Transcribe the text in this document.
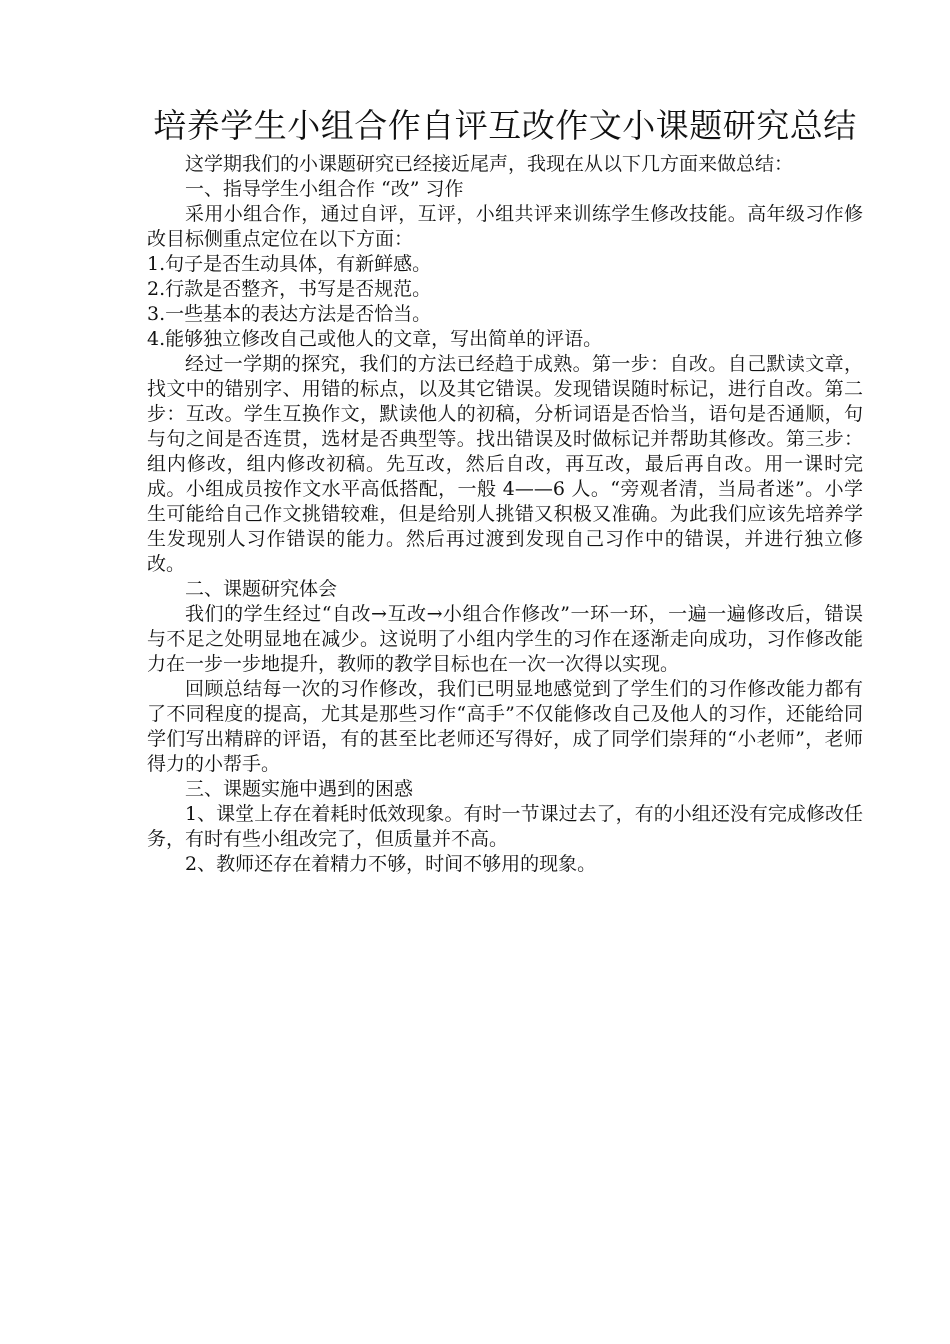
培养学生小组合作自评互改作文小课题研究总结

这学期我们的小课题研究已经接近尾声，我现在从以下几方面来做总结：

一、指导学生小组合作 “改” 习作

采用小组合作，通过自评，互评，小组共评来训练学生修改技能。高年级习作修改目标侧重点定位在以下方面：

1.句子是否生动具体，有新鲜感。

2.行款是否整齐，书写是否规范。

3.一些基本的表达方法是否恰当。

4.能够独立修改自己或他人的文章，写出简单的评语。

经过一学期的探究，我们的方法已经趋于成熟。第一步：自改。自己默读文章，找文中的错别字、用错的标点，以及其它错误。发现错误随时标记，进行自改。第二步：互改。学生互换作文，默读他人的初稿，分析词语是否恰当，语句是否通顺，句与句之间是否连贯，选材是否典型等。找出错误及时做标记并帮助其修改。第三步：组内修改，组内修改初稿。先互改，然后自改，再互改，最后再自改。用一课时完成。小组成员按作文水平高低搭配，一般 4——6 人。“旁观者清，当局者迷”。小学生可能给自己作文挑错较难，但是给别人挑错又积极又准确。为此我们应该先培养学生发现别人习作错误的能力。然后再过渡到发现自己习作中的错误，并进行独立修改。

二、课题研究体会

我们的学生经过“自改→互改→小组合作修改”一环一环，一遍一遍修改后，错误与不足之处明显地在减少。这说明了小组内学生的习作在逐渐走向成功，习作修改能力在一步一步地提升，教师的教学目标也在一次一次得以实现。

回顾总结每一次的习作修改，我们已明显地感觉到了学生们的习作修改能力都有了不同程度的提高，尤其是那些习作“高手”不仅能修改自己及他人的习作，还能给同学们写出精辟的评语，有的甚至比老师还写得好，成了同学们崇拜的“小老师”，老师得力的小帮手。

三、课题实施中遇到的困惑

1、课堂上存在着耗时低效现象。有时一节课过去了，有的小组还没有完成修改任务，有时有些小组改完了，但质量并不高。

2、教师还存在着精力不够，时间不够用的现象。
